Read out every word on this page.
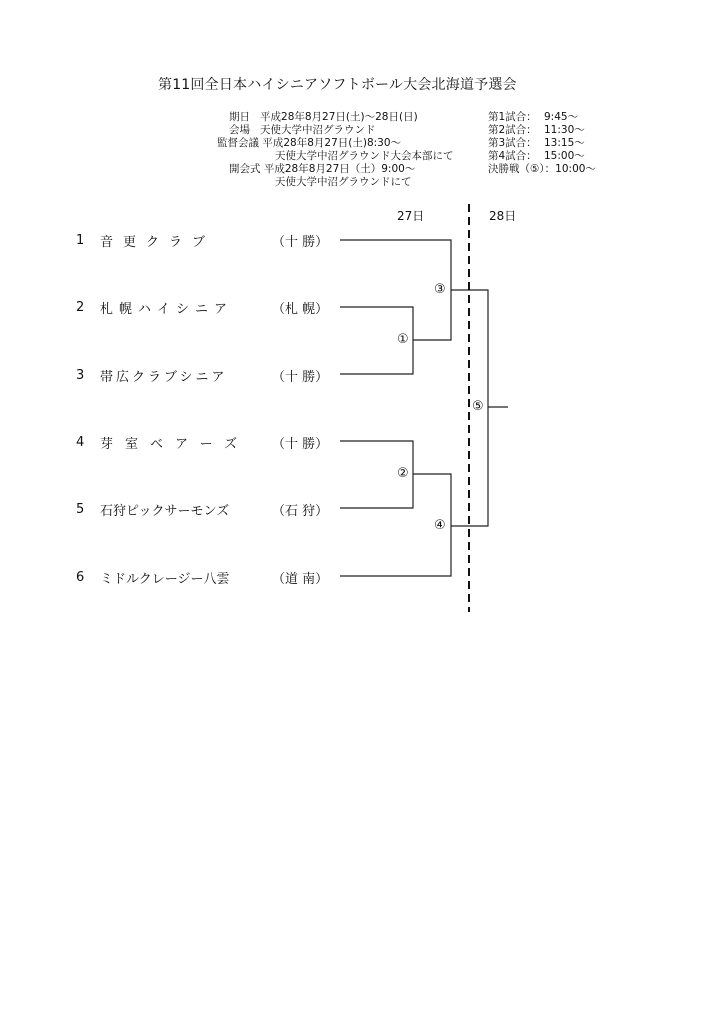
第11回全日本ハイシニアソフトボール大会北海道予選会
期日 平成28年8月27日(土)〜28日(日)
会場 天使大学中沼グラウンド
監督会議 平成28年8月27日(土)8:30〜
天使大学中沼グラウンド大会本部にて
開会式 平成28年8月27日（土）9:00〜
天使大学中沼グラウンドにて
第1試合： 9:45〜
第2試合： 11:30〜
第3試合： 13:15〜
第4試合： 15:00〜
決勝戦（⑤）： 10:00〜
27日	28日
1	音更クラブ	（十 勝）
2	札幌ハイシニア	（札 幌）
3	帯広クラブシニア	（十 勝）
4	芽室ベアーズ （十 勝）
5	石狩ピックサーモンズ	（石 狩）
6	ミドルクレージー八雲	（道 南）
③
①
⑤
②
④
